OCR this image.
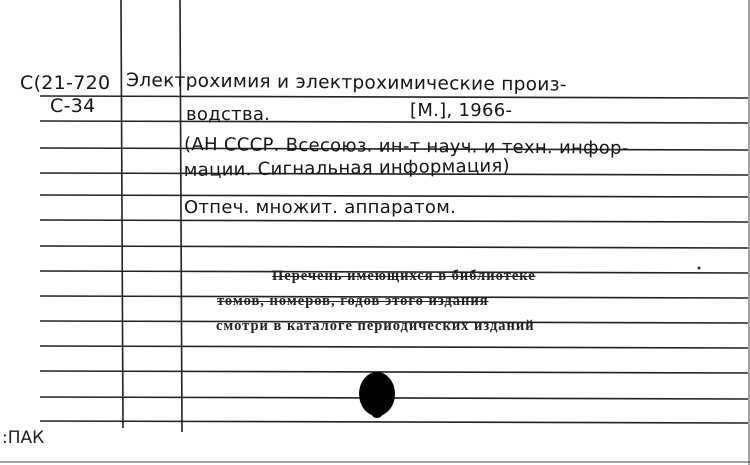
C(21-720
C-34
Электрохимия и электрохимические произ-
водства.	[М.], 1966-
(АН СССР. Всесоюз. ин-т науч. и техн. инфор-
мации. Сигнальная информация)
Отпеч. множит. аппаратом.
Перечень имеющихся в библиотеке
томов, номеров, годов этого издания
смотри в каталоге периодических изданий
:ПАК
